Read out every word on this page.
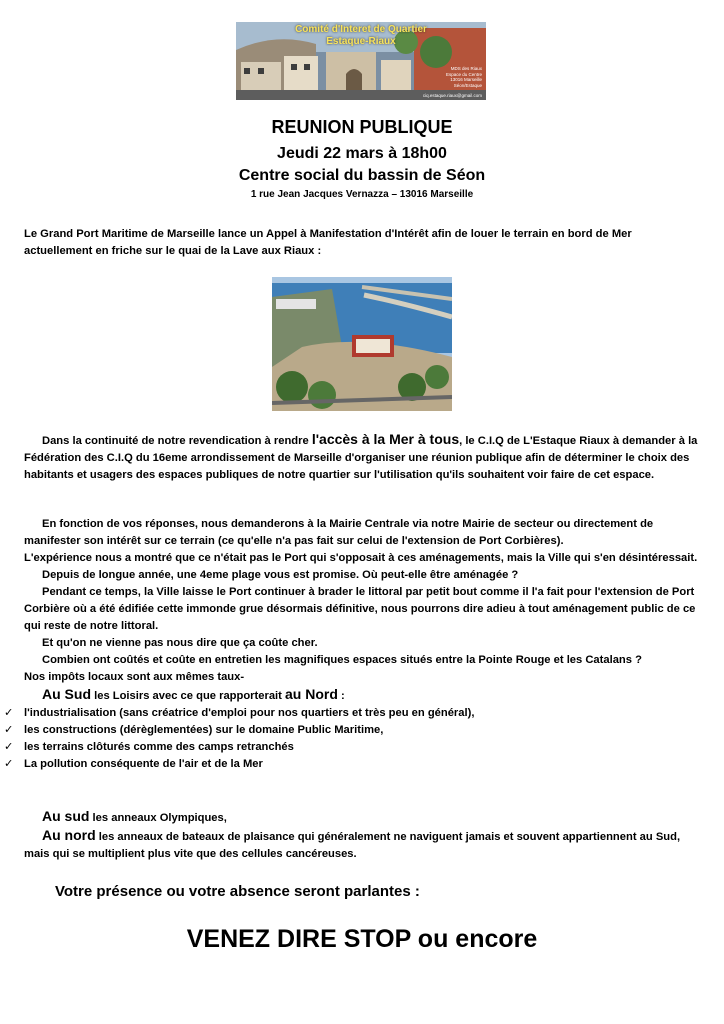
Comité d'Interet de Quartier
Estaque-Riaux
MDS des Riaux
Espace du Centre
13016 Marseille
Séon/Estaque
ciq.estaque.riaux@gmail.com
REUNION PUBLIQUE
Jeudi 22 mars à 18h00
Centre social du bassin de Séon
1 rue Jean Jacques Vernazza – 13016 Marseille

Le Grand Port Maritime de Marseille lance un Appel à Manifestation d'Intérêt afin de louer le terrain en bord de Mer actuellement en friche sur le quai de la Lave aux Riaux :

Dans la continuité de notre revendication à rendre l'accès à la Mer à tous, le C.I.Q de L'Estaque Riaux à demander à la Fédération des C.I.Q du 16eme arrondissement de Marseille d'organiser une réunion publique afin de déterminer le choix des habitants et usagers des espaces publiques de notre quartier sur l'utilisation qu'ils souhaitent voir faire de cet espace.

En fonction de vos réponses, nous demanderons à la Mairie Centrale via notre Mairie de secteur ou directement de manifester son intérêt sur ce terrain (ce qu'elle n'a pas fait sur celui de l'extension de Port Corbières).

L'expérience nous a montré que ce n'était pas le Port qui s'opposait à ces aménagements, mais la Ville qui s'en désintéressait.

Depuis de longue année, une 4eme plage vous est promise. Où peut-elle être aménagée ?

Pendant ce temps, la Ville laisse le Port continuer à brader le littoral par petit bout comme il l'a fait pour l'extension de Port Corbière où a été édifiée cette immonde grue désormais définitive, nous pourrons dire adieu à tout aménagement public de ce qui reste de notre littoral.

Et qu'on ne vienne pas nous dire que ça coûte cher.

Combien ont coûtés et coûte en entretien les magnifiques espaces situés entre la Pointe Rouge et les Catalans ?

Nos impôts locaux sont aux mêmes taux-

Au Sud les Loisirs avec ce que rapporterait au Nord :

✓ l'industrialisation (sans créatrice d'emploi pour nos quartiers et très peu en général),
✓ les constructions (dérèglementées) sur le domaine Public Maritime,
✓ les terrains clôturés comme des camps retranchés
✓ La pollution conséquente de l'air et de la Mer

Au sud les anneaux Olympiques,

Au nord les anneaux de bateaux de plaisance qui généralement ne naviguent jamais et souvent appartiennent au Sud, mais qui se multiplient plus vite que des cellules cancéreuses.

Votre présence ou votre absence seront parlantes :
VENEZ DIRE STOP ou encore
